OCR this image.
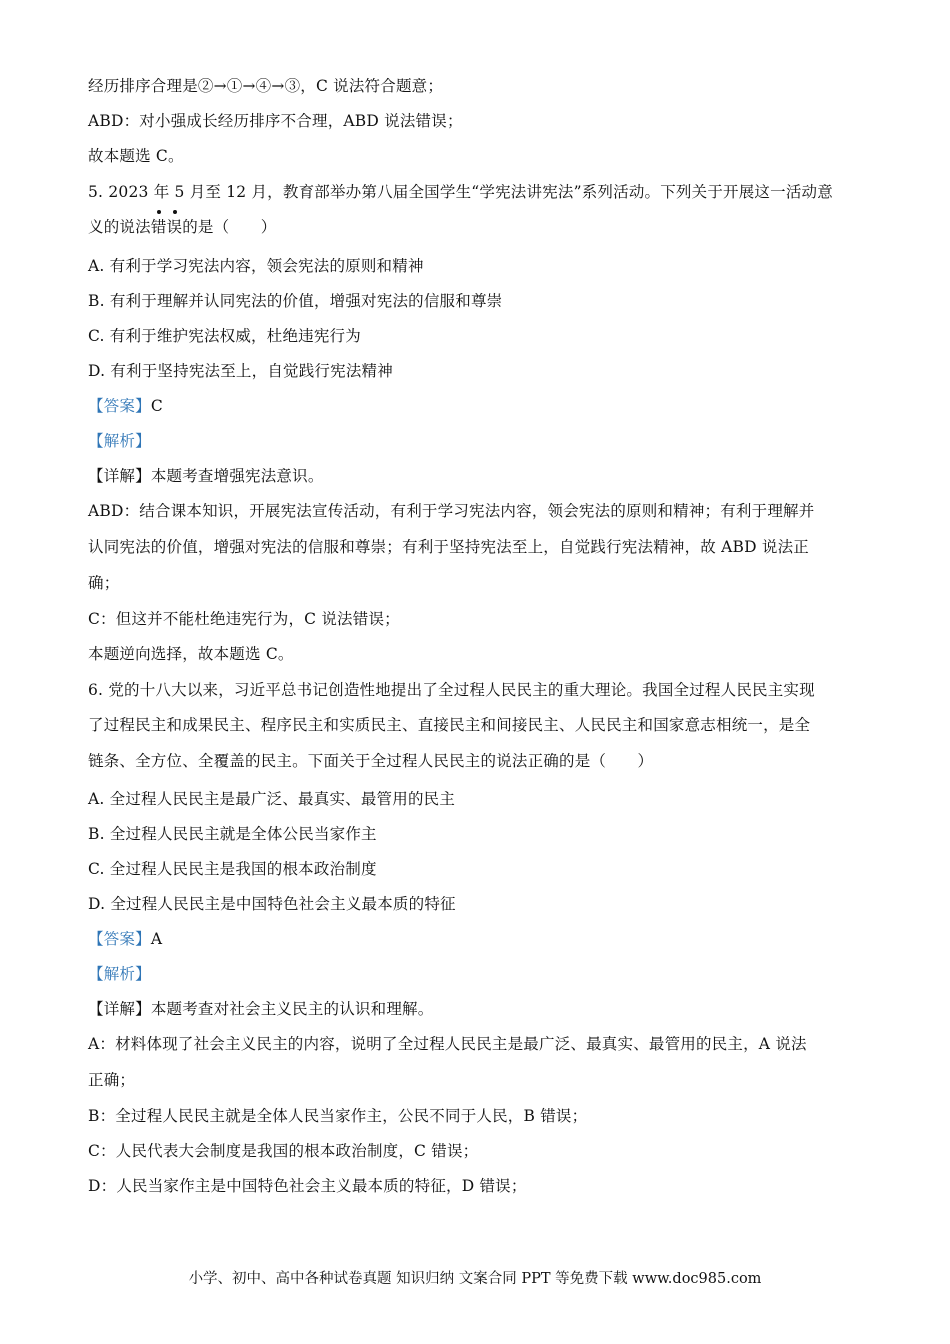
经历排序合理是②→①→④→③，C 说法符合题意；
ABD：对小强成长经历排序不合理，ABD 说法错误；
故本题选 C。
5. 2023 年 5 月至 12 月，教育部举办第八届全国学生“学宪法讲宪法”系列活动。下列关于开展这一活动意
义的说法错误
的是（　　）
A. 有利于学习宪法内容，领会宪法的原则和精神
B. 有利于理解并认同宪法的价值，增强对宪法的信服和尊崇
C. 有利于维护宪法权威，杜绝违宪行为
D. 有利于坚持宪法至上，自觉践行宪法精神
【答案】C
【解析】
【详解】本题考查增强宪法意识。
ABD：结合课本知识，开展宪法宣传活动，有利于学习宪法内容，领会宪法的原则和精神；有利于理解并
认同宪法的价值，增强对宪法的信服和尊崇；有利于坚持宪法至上，自觉践行宪法精神，故 ABD 说法正
确；
C：但这并不能杜绝违宪行为，C 说法错误；
本题逆向选择，故本题选 C。
6. 党的十八大以来，习近平总书记创造性地提出了全过程人民民主的重大理论。我国全过程人民民主实现
了过程民主和成果民主、程序民主和实质民主、直接民主和间接民主、人民民主和国家意志相统一，是全
链条、全方位、全覆盖的民主。下面关于全过程人民民主的说法正确的是（　　）
A. 全过程人民民主是最广泛、最真实、最管用的民主
B. 全过程人民民主就是全体公民当家作主
C. 全过程人民民主是我国的根本政治制度
D. 全过程人民民主是中国特色社会主义最本质的特征
【答案】A
【解析】
【详解】本题考查对社会主义民主的认识和理解。
A：材料体现了社会主义民主的内容，说明了全过程人民民主是最广泛、最真实、最管用的民主，A 说法
正确；
B：全过程人民民主就是全体人民当家作主，公民不同于人民，B 错误；
C：人民代表大会制度是我国的根本政治制度，C 错误；
D：人民当家作主是中国特色社会主义最本质的特征，D 错误；
小学、初中、高中各种试卷真题 知识归纳 文案合同 PPT 等免费下载 www.doc985.com
